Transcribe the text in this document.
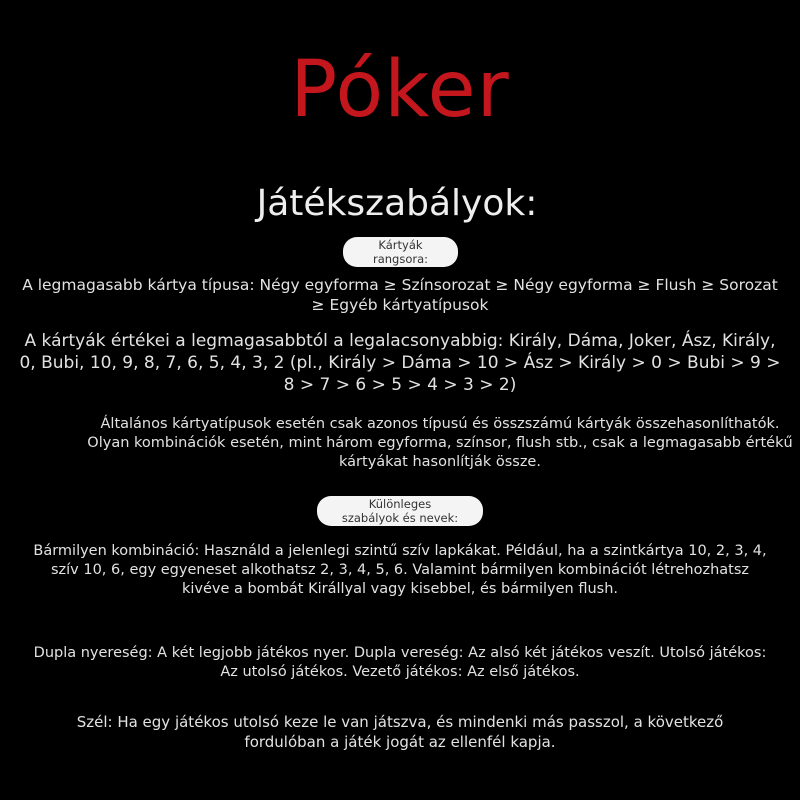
Póker
Játékszabályok:
Kártyák
rangsora:
A legmagasabb kártya típusa: Négy egyforma ≥ Színsorozat ≥ Négy egyforma ≥ Flush ≥ Sorozat ≥ Egyéb kártyatípusok
A kártyák értékei a legmagasabbtól a legalacsonyabbig: Király, Dáma, Joker, Ász, Király, 0, Bubi, 10, 9, 8, 7, 6, 5, 4, 3, 2 (pl., Király > Dáma > 10 > Ász > Király > 0 > Bubi > 9 > 8 > 7 > 6 > 5 > 4 > 3 > 2)
Általános kártyatípusok esetén csak azonos típusú és összszámú kártyák összehasonlíthatók. Olyan kombinációk esetén, mint három egyforma, színsor, flush stb., csak a legmagasabb értékű kártyákat hasonlítják össze.
Különleges
szabályok és nevek:
Bármilyen kombináció: Használd a jelenlegi szintű szív lapkákat. Például, ha a szintkártya 10, 2, 3, 4, szív 10, 6, egy egyeneset alkothatsz 2, 3, 4, 5, 6. Valamint bármilyen kombinációt létrehozhatsz kivéve a bombát Királlyal vagy kisebbel, és bármilyen flush.
Dupla nyereség: A két legjobb játékos nyer. Dupla vereség: Az alsó két játékos veszít. Utolsó játékos: Az utolsó játékos. Vezető játékos: Az első játékos.
Szél: Ha egy játékos utolsó keze le van játszva, és mindenki más passzol, a következő fordulóban a játék jogát az ellenfél kapja.
